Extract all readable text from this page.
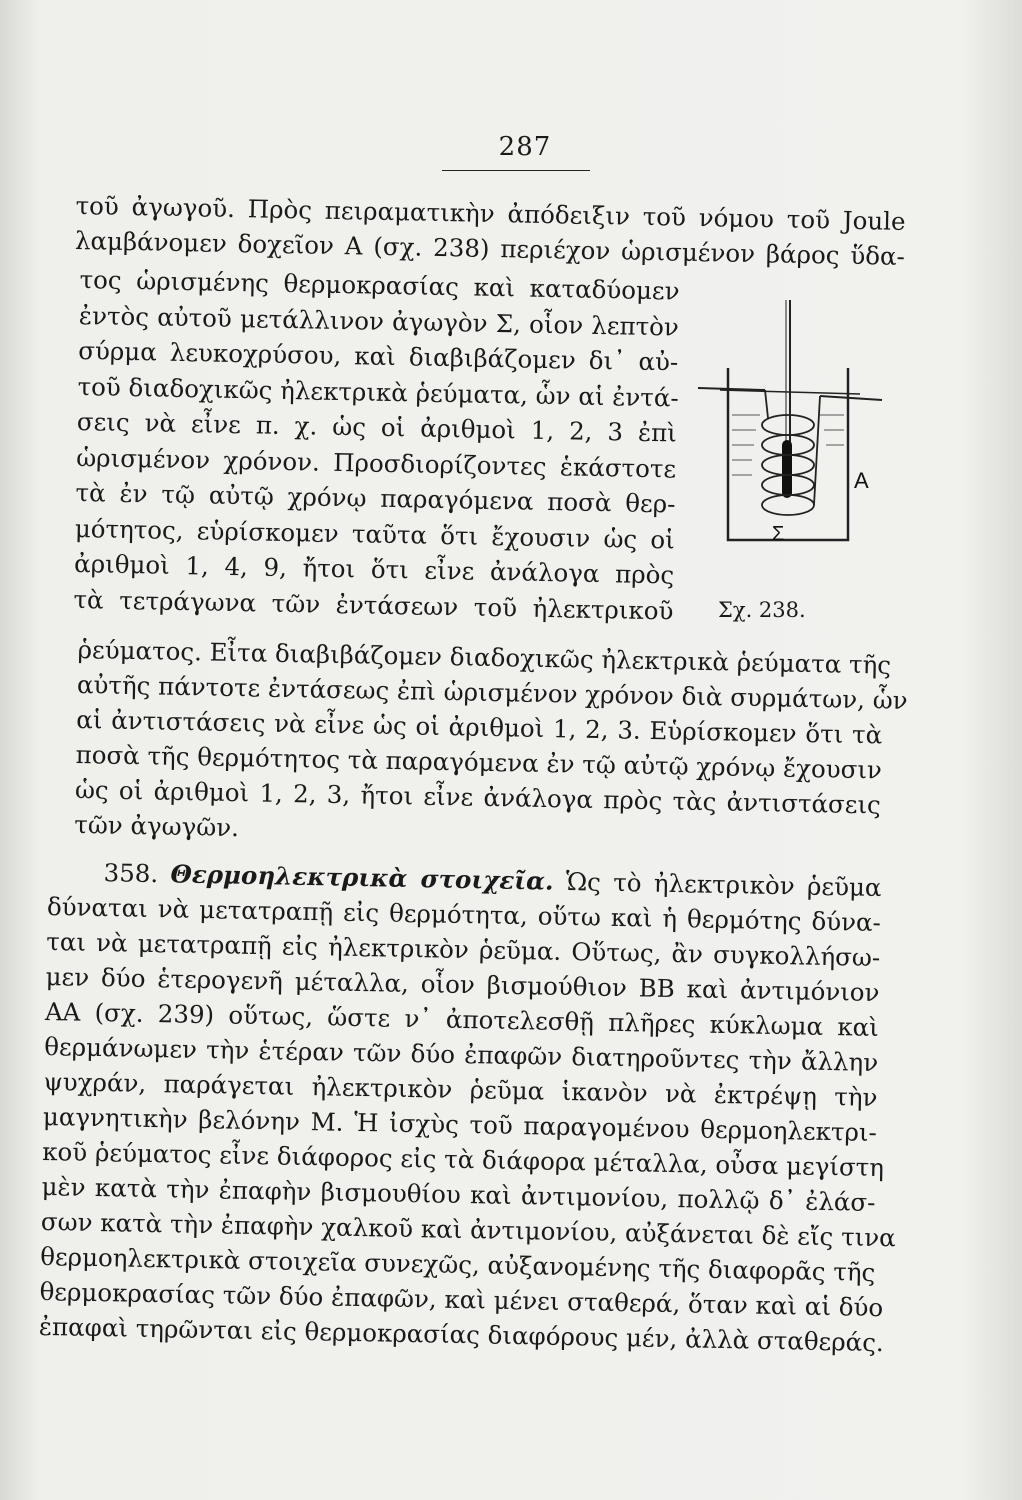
287
τοῦ ἀγωγοῦ. Πρὸς πειραματικὴν ἀπόδειξιν τοῦ νόμου τοῦ Joule
λαμβάνομεν δοχεῖον Α (σχ. 238) περιέχον ὡρισμένον βάρος ὕδα-
τος ὡρισμένης θερμοκρασίας καὶ καταδύομεν
ἐντὸς αὐτοῦ μετάλλινον ἀγωγὸν Σ, οἷον λεπτὸν
σύρμα λευκοχρύσου, καὶ διαβιβάζομεν δι᾿ αὐ-
τοῦ διαδοχικῶς ἠλεκτρικὰ ῥεύματα, ὧν αἱ ἐντά-
σεις νὰ εἶνε π. χ. ὡς οἱ ἀριθμοὶ 1, 2, 3 ἐπὶ
ὡρισμένον χρόνον. Προσδιορίζοντες ἑκάστοτε
τὰ ἐν τῷ αὐτῷ χρόνῳ παραγόμενα ποσὰ θερ-
μότητος, εὑρίσκομεν ταῦτα ὅτι ἔχουσιν ὡς οἱ
ἀριθμοὶ 1, 4, 9, ἤτοι ὅτι εἶνε ἀνάλογα πρὸς
τὰ τετράγωνα τῶν ἐντάσεων τοῦ ἠλεκτρικοῦ
A
Σ
Σχ. 238.
ῥεύματος. Εἶτα διαβιβάζομεν διαδοχικῶς ἠλεκτρικὰ ῥεύματα τῆς
αὐτῆς πάντοτε ἐντάσεως ἐπὶ ὡρισμένον χρόνον διὰ συρμάτων, ὧν
αἱ ἀντιστάσεις νὰ εἶνε ὡς οἱ ἀριθμοὶ 1, 2, 3. Εὑρίσκομεν ὅτι τὰ
ποσὰ τῆς θερμότητος τὰ παραγόμενα ἐν τῷ αὐτῷ χρόνῳ ἔχουσιν
ὡς οἱ ἀριθμοὶ 1, 2, 3, ἤτοι εἶνε ἀνάλογα πρὸς τὰς ἀντιστάσεις
τῶν ἀγωγῶν.
358. Θερμοηλεκτρικὰ στοιχεῖα. Ὡς τὸ ἠλεκτρικὸν ῥεῦμα
δύναται νὰ μετατραπῇ εἰς θερμότητα, οὕτω καὶ ἡ θερμότης δύνα-
ται νὰ μετατραπῇ εἰς ἠλεκτρικὸν ῥεῦμα. Οὕτως, ἂν συγκολλήσω-
μεν δύο ἑτερογενῆ μέταλλα, οἷον βισμούθιον ΒΒ καὶ ἀντιμόνιον
ΑΑ (σχ. 239) οὕτως, ὥστε ν᾿ ἀποτελεσθῇ πλῆρες κύκλωμα καὶ
θερμάνωμεν τὴν ἑτέραν τῶν δύο ἐπαφῶν διατηροῦντες τὴν ἄλλην
ψυχράν, παράγεται ἠλεκτρικὸν ῥεῦμα ἱκανὸν νὰ ἐκτρέψῃ τὴν
μαγνητικὴν βελόνην Μ. Ἡ ἰσχὺς τοῦ παραγομένου θερμοηλεκτρι-
κοῦ ῥεύματος εἶνε διάφορος εἰς τὰ διάφορα μέταλλα, οὖσα μεγίστη
μὲν κατὰ τὴν ἐπαφὴν βισμουθίου καὶ ἀντιμονίου, πολλῷ δ᾿ ἐλάσ-
σων κατὰ τὴν ἐπαφὴν χαλκοῦ καὶ ἀντιμονίου, αὐξάνεται δὲ εἴς τινα
θερμοηλεκτρικὰ στοιχεῖα συνεχῶς, αὐξανομένης τῆς διαφορᾶς τῆς
θερμοκρασίας τῶν δύο ἐπαφῶν, καὶ μένει σταθερά, ὅταν καὶ αἱ δύο
ἐπαφαὶ τηρῶνται εἰς θερμοκρασίας διαφόρους μέν, ἀλλὰ σταθεράς.
